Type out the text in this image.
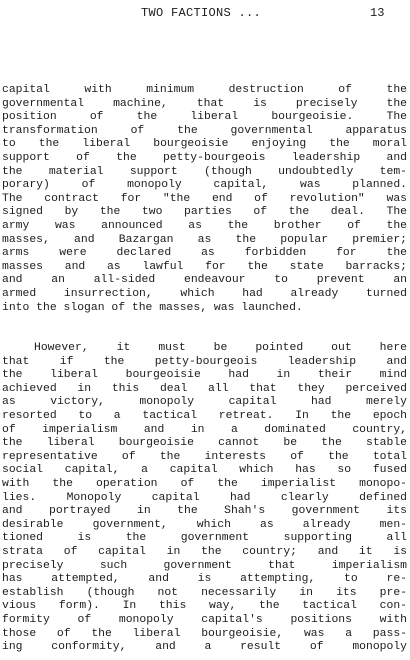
TWO FACTIONS ...	13
capital with minimum destruction of the
governmental machine, that is precisely the
position of the liberal bourgeoisie. The
transformation of the governmental apparatus
to the liberal bourgeoisie enjoying the moral
support of the petty-bourgeois leadership and
the material support (though undoubtedly tem-
porary) of monopoly capital, was planned.
The contract for "the end of revolution" was
signed by the two parties of the deal. The
army was announced as the brother of the
masses, and Bazargan as the popular premier;
arms were declared as forbidden for the
masses and as lawful for the state barracks;
and an all-sided endeavour to prevent an
armed insurrection, which had already turned
into the slogan of the masses, was launched.
However, it must be pointed out here
that if the petty-bourgeois leadership and
the liberal bourgeoisie had in their mind
achieved in this deal all that they perceived
as victory, monopoly capital had merely
resorted to a tactical retreat. In the epoch
of imperialism and in a dominated country,
the liberal bourgeoisie cannot be the stable
representative of the interests of the total
social capital, a capital which has so fused
with the operation of the imperialist monopo-
lies. Monopoly capital had clearly defined
and portrayed in the Shah's government its
desirable government, which as already men-
tioned is the government supporting all
strata of capital in the country; and it is
precisely such government that imperialism
has attempted, and is attempting, to re-
establish (though not necessarily in its pre-
vious form). In this way, the tactical con-
formity of monopoly capital's positions with
those of the liberal bourgeoisie, was a pass-
ing conformity, and a result of monopoly
